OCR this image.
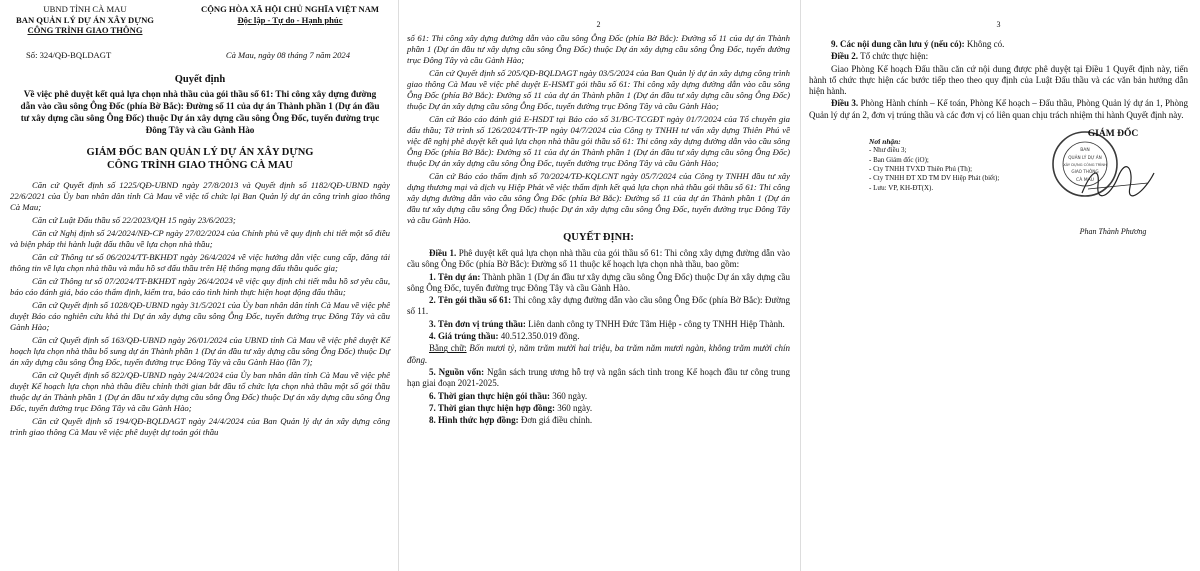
UBND TỈNH CÀ MAU

BAN QUẢN LÝ DỰ ÁN XÂY DỰNG

CÔNG TRÌNH GIAO THÔNG

CỘNG HÒA XÃ HỘI CHỦ NGHĨA VIỆT NAM

Độc lập - Tự do - Hạnh phúc

Số: 324/QĐ-BQLDAGT	Cà Mau, ngày 08 tháng 7 năm 2024

Quyết định

Về việc phê duyệt kết quả lựa chọn nhà thầu của gói thầu số 61: Thi công xây dựng đường dẫn vào cầu sông Ông Đốc (phía Bờ Bắc): Đường số 11 của dự án Thành phần 1 (Dự án đầu tư xây dựng cầu sông Ông Đốc) thuộc Dự án xây dựng cầu sông Ông Đốc, tuyến đường trục Đông Tây và cầu Gành Hào

GIÁM ĐỐC BAN QUẢN LÝ DỰ ÁN XÂY DỰNG

CÔNG TRÌNH GIAO THÔNG CÀ MAU

Căn cứ Quyết định số 1225/QĐ-UBND ngày 27/8/2013 và Quyết định số 1182/QĐ-UBND ngày 22/6/2021 của Ủy ban nhân dân tỉnh Cà Mau về việc tổ chức lại Ban Quản lý dự án công trình giao thông Cà Mau;

Căn cứ Luật Đấu thầu số 22/2023/QH 15 ngày 23/6/2023;

Căn cứ Nghị định số 24/2024/NĐ-CP ngày 27/02/2024 của Chính phủ về quy định chi tiết một số điều và biện pháp thi hành luật đấu thầu về lựa chọn nhà thầu;

Căn cứ Thông tư số 06/2024/TT-BKHĐT ngày 26/4/2024 về việc hướng dẫn việc cung cấp, đăng tải thông tin về lựa chọn nhà thầu và mẫu hồ sơ đấu thầu trên Hệ thống mạng đấu thầu quốc gia;

Căn cứ Thông tư số 07/2024/TT-BKHĐT ngày 26/4/2024 về việc quy định chi tiết mẫu hồ sơ yêu cầu, báo cáo đánh giá, báo cáo thẩm định, kiểm tra, báo cáo tình hình thực hiện hoạt động đấu thầu;

Căn cứ Quyết định số 1028/QĐ-UBND ngày 31/5/2021 của Ủy ban nhân dân tỉnh Cà Mau về việc phê duyệt Báo cáo nghiên cứu khả thi Dự án xây dựng cầu sông Ông Đốc, tuyến đường trục Đông Tây và cầu Gành Hào;

Căn cứ Quyết định số 163/QĐ-UBND ngày 26/01/2024 của UBND tỉnh Cà Mau về việc phê duyệt Kế hoạch lựa chọn nhà thầu bổ sung dự án Thành phần 1 (Dự án đầu tư xây dựng cầu sông Ông Đốc) thuộc Dự án xây dựng cầu sông Ông Đốc, tuyến đường trục Đông Tây và cầu Gành Hào (lần 7);

Căn cứ Quyết định số 822/QĐ-UBND ngày 24/4/2024 của Ủy ban nhân dân tỉnh Cà Mau về việc phê duyệt Kế hoạch lựa chọn nhà thầu điều chỉnh thời gian bắt đầu tổ chức lựa chọn nhà thầu một số gói thầu thuộc dự án Thành phần 1 (Dự án đầu tư xây dựng cầu sông Ông Đốc) thuộc Dự án xây dựng cầu sông Ông Đốc, tuyến đường trục Đông Tây và cầu Gành Hào;

Căn cứ Quyết định số 194/QĐ-BQLDAGT ngày 24/4/2024 của Ban Quản lý dự án xây dựng công trình giao thông Cà Mau về việc phê duyệt dự toán gói thầu

2

số 61: Thi công xây dựng đường dẫn vào cầu sông Ông Đốc (phía Bờ Bắc): Đường số 11 của dự án Thành phần 1 (Dự án đầu tư xây dựng cầu sông Ông Đốc) thuộc Dự án xây dựng cầu sông Ông Đốc, tuyến đường trục Đông Tây và cầu Gành Hào;

Căn cứ Quyết định số 205/QĐ-BQLDAGT ngày 03/5/2024 của Ban Quản lý dự án xây dựng công trình giao thông Cà Mau về việc phê duyệt E-HSMT gói thầu số 61: Thi công xây dựng đường dẫn vào cầu sông Ông Đốc (phía Bờ Bắc): Đường số 11 của dự án Thành phần 1 (Dự án đầu tư xây dựng cầu sông Ông Đốc) thuộc Dự án xây dựng cầu sông Ông Đốc, tuyến đường trục Đông Tây và cầu Gành Hào;

Căn cứ Báo cáo đánh giá E-HSDT tại Báo cáo số 31/BC-TCGĐT ngày 01/7/2024 của Tổ chuyên gia đấu thầu; Tờ trình số 126/2024/TTr-TP ngày 04/7/2024 của Công ty TNHH tư vấn xây dựng Thiên Phú về việc đề nghị phê duyệt kết quả lựa chọn nhà thầu gói thầu số 61: Thi công xây dựng đường dẫn vào cầu sông Ông Đốc (phía Bờ Bắc): Đường số 11 của dự án Thành phần 1 (Dự án đầu tư xây dựng cầu sông Ông Đốc) thuộc Dự án xây dựng cầu sông Ông Đốc, tuyến đường trục Đông Tây và cầu Gành Hào;

Căn cứ Báo cáo thẩm định số 70/2024/TĐ-KQLCNT ngày 05/7/2024 của Công ty TNHH đầu tư xây dựng thương mại và dịch vụ Hiệp Phát về việc thẩm định kết quả lựa chọn nhà thầu gói thầu số 61: Thi công xây dựng đường dẫn vào cầu sông Ông Đốc (phía Bờ Bắc): Đường số 11 của dự án Thành phần 1 (Dự án đầu tư xây dựng cầu sông Ông Đốc) thuộc Dự án xây dựng cầu sông Ông Đốc, tuyến đường trục Đông Tây và cầu Gành Hào.

QUYẾT ĐỊNH:

Điều 1. Phê duyệt kết quả lựa chọn nhà thầu của gói thầu số 61: Thi công xây dựng đường dẫn vào cầu sông Ông Đốc (phía Bờ Bắc): Đường số 11 thuộc kế hoạch lựa chọn nhà thầu, bao gồm:

1. Tên dự án: Thành phần 1 (Dự án đầu tư xây dựng cầu sông Ông Đốc) thuộc Dự án xây dựng cầu sông Ông Đốc, tuyến đường trục Đông Tây và cầu Gành Hào.

2. Tên gói thầu số 61: Thi công xây dựng đường dẫn vào cầu sông Ông Đốc (phía Bờ Bắc): Đường số 11.

3. Tên đơn vị trúng thầu: Liên danh công ty TNHH Đức Tâm Hiệp - công ty TNHH Hiệp Thành.

4. Giá trúng thầu: 40.512.350.019 đồng.

Bằng chữ: Bốn mươi tỷ, năm trăm mười hai triệu, ba trăm năm mươi ngàn, không trăm mười chín đồng.

5. Nguồn vốn: Ngân sách trung ương hỗ trợ và ngân sách tỉnh trong Kế hoạch đầu tư công trung hạn giai đoạn 2021-2025.

6. Thời gian thực hiện gói thầu: 360 ngày.

7. Thời gian thực hiện hợp đồng: 360 ngày.

8. Hình thức hợp đồng: Đơn giá điều chỉnh.

3

9. Các nội dung cần lưu ý (nếu có): Không có.

Điều 2. Tổ chức thực hiện:

Giao Phòng Kế hoạch Đấu thầu căn cứ nội dung được phê duyệt tại Điều 1 Quyết định này, tiến hành tổ chức thực hiện các bước tiếp theo theo quy định của Luật Đấu thầu và các văn bản hướng dẫn hiện hành.

Điều 3. Phòng Hành chính – Kế toán, Phòng Kế hoạch – Đấu thầu, Phòng Quản lý dự án 1, Phòng Quản lý dự án 2, đơn vị trúng thầu và các đơn vị có liên quan chịu trách nhiệm thi hành Quyết định này.

Nơi nhận:

- Như điều 3;

- Ban Giám đốc (iO);

- Cty TNHH TVXD Thiên Phú (Th);

- Cty TNHH ĐT XD TM DV Hiệp Phát (biết);

- Lưu: VP, KH-ĐT(X).

GIÁM ĐỐC

BAN
QUẢN LÝ DỰ ÁN
XÂY DỰNG CÔNG TRÌNH
GIAO THÔNG
CÀ MAU

Phan Thành Phương
